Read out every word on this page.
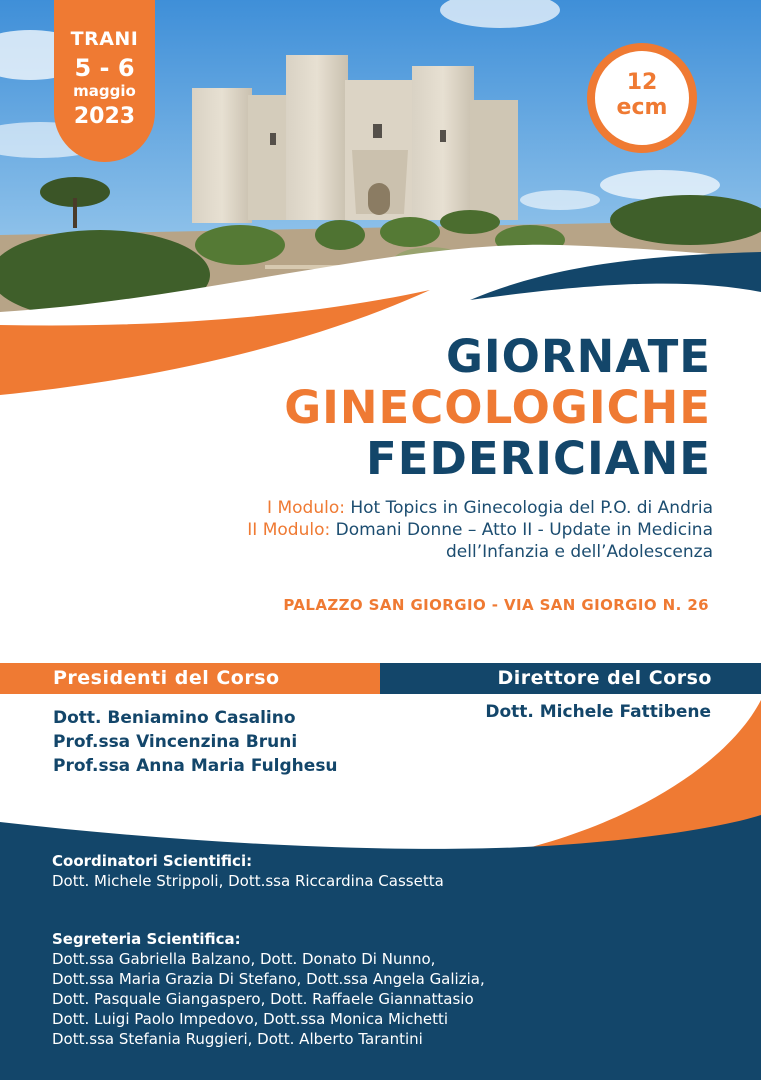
TRANI
5 - 6
maggio
2023
12
ecm
GIORNATE
GINECOLOGICHE
FEDERICIANE
I Modulo: Hot Topics in Ginecologia del P.O. di Andria
II Modulo: Domani Donne – Atto II - Update in Medicina
dell’Infanzia e dell’Adolescenza
PALAZZO SAN GIORGIO - VIA SAN GIORGIO N. 26
Presidenti del Corso	Direttore del Corso
Dott. Beniamino Casalino
Prof.ssa Vincenzina Bruni
Prof.ssa Anna Maria Fulghesu
Dott. Michele Fattibene
Coordinatori Scientifici:
Dott. Michele Strippoli, Dott.ssa Riccardina Cassetta
Segreteria Scientifica:
Dott.ssa Gabriella Balzano, Dott. Donato Di Nunno,
Dott.ssa Maria Grazia Di Stefano, Dott.ssa Angela Galizia,
Dott. Pasquale Giangaspero, Dott. Raffaele Giannattasio
Dott. Luigi Paolo Impedovo, Dott.ssa Monica Michetti
Dott.ssa Stefania Ruggieri, Dott. Alberto Tarantini
